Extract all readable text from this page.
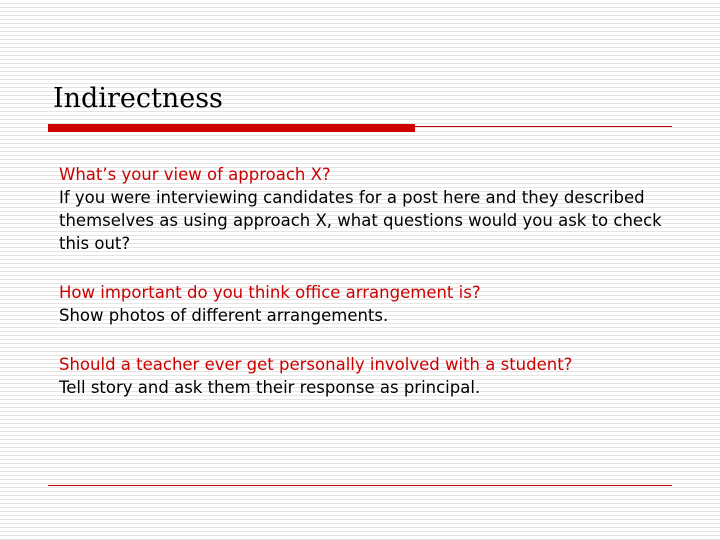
Indirectness
What’s your view of approach X?
If you were interviewing candidates for a post here and they described themselves as using approach X, what questions would you ask to check this out?
How important do you think office arrangement is?
Show photos of different arrangements.
Should a teacher ever get personally involved with a student?
Tell story and ask them their response as principal.
